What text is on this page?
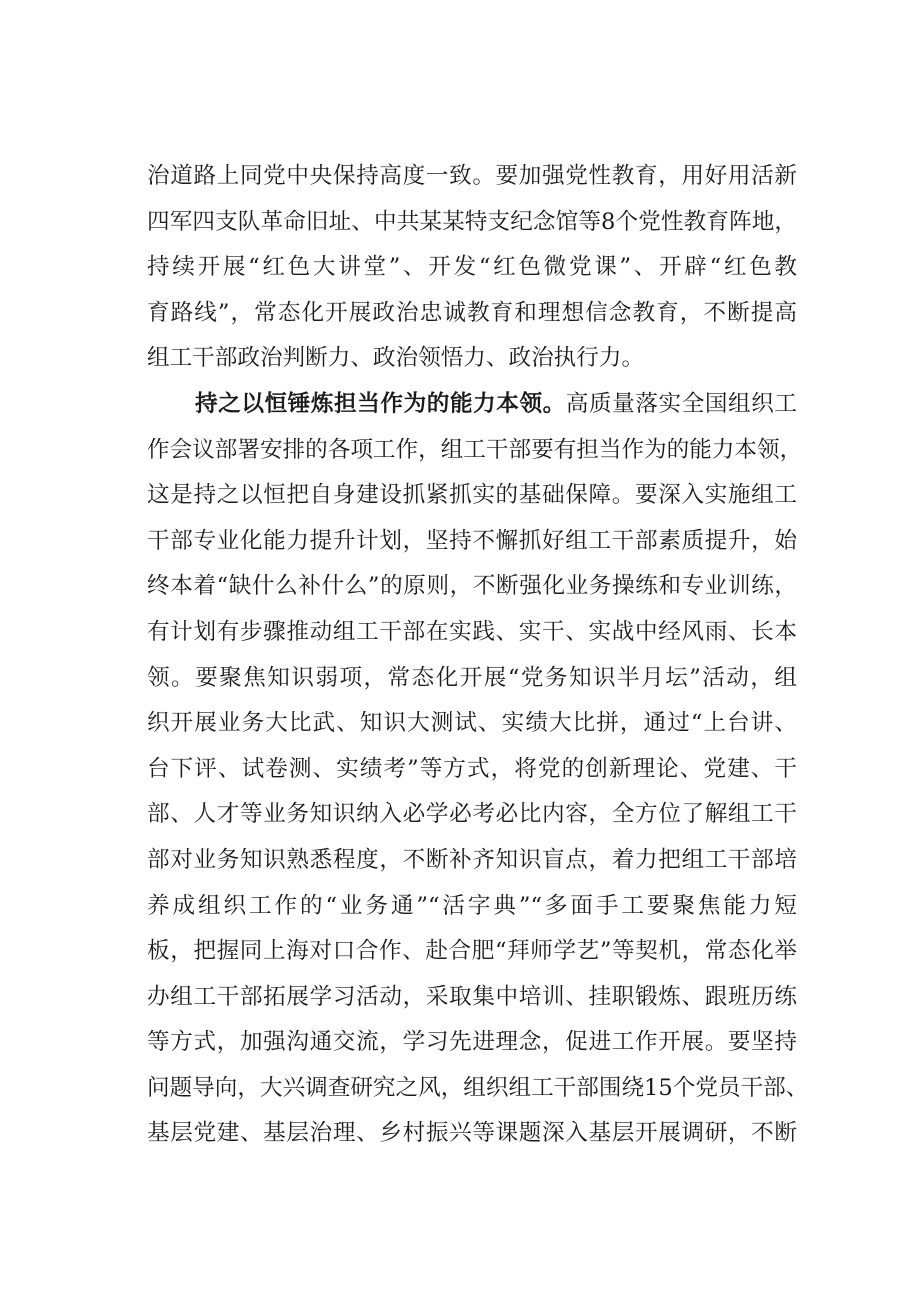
治道路上同党中央保持高度一致。要加强党性教育，用好用活新
四军四支队革命旧址、中共某某特支纪念馆等8个党性教育阵地，
持续开展“红色大讲堂”、开发“红色微党课”、开辟“红色教
育路线”，常态化开展政治忠诚教育和理想信念教育，不断提高
组工干部政治判断力、政治领悟力、政治执行力。
持之以恒锤炼担当作为的能力本领。高质量落实全国组织工
作会议部署安排的各项工作，组工干部要有担当作为的能力本领，
这是持之以恒把自身建设抓紧抓实的基础保障。要深入实施组工
干部专业化能力提升计划，坚持不懈抓好组工干部素质提升，始
终本着“缺什么补什么”的原则，不断强化业务操练和专业训练，
有计划有步骤推动组工干部在实践、实干、实战中经风雨、长本
领。要聚焦知识弱项，常态化开展“党务知识半月坛”活动，组
织开展业务大比武、知识大测试、实绩大比拼，通过“上台讲、
台下评、试卷测、实绩考”等方式，将党的创新理论、党建、干
部、人才等业务知识纳入必学必考必比内容，全方位了解组工干
部对业务知识熟悉程度，不断补齐知识盲点，着力把组工干部培
养成组织工作的“业务通”“活字典”“多面手工要聚焦能力短
板，把握同上海对口合作、赴合肥“拜师学艺”等契机，常态化举
办组工干部拓展学习活动，采取集中培训、挂职锻炼、跟班历练
等方式，加强沟通交流，学习先进理念，促进工作开展。要坚持
问题导向，大兴调查研究之风，组织组工干部围绕15个党员干部、
基层党建、基层治理、乡村振兴等课题深入基层开展调研，不断
